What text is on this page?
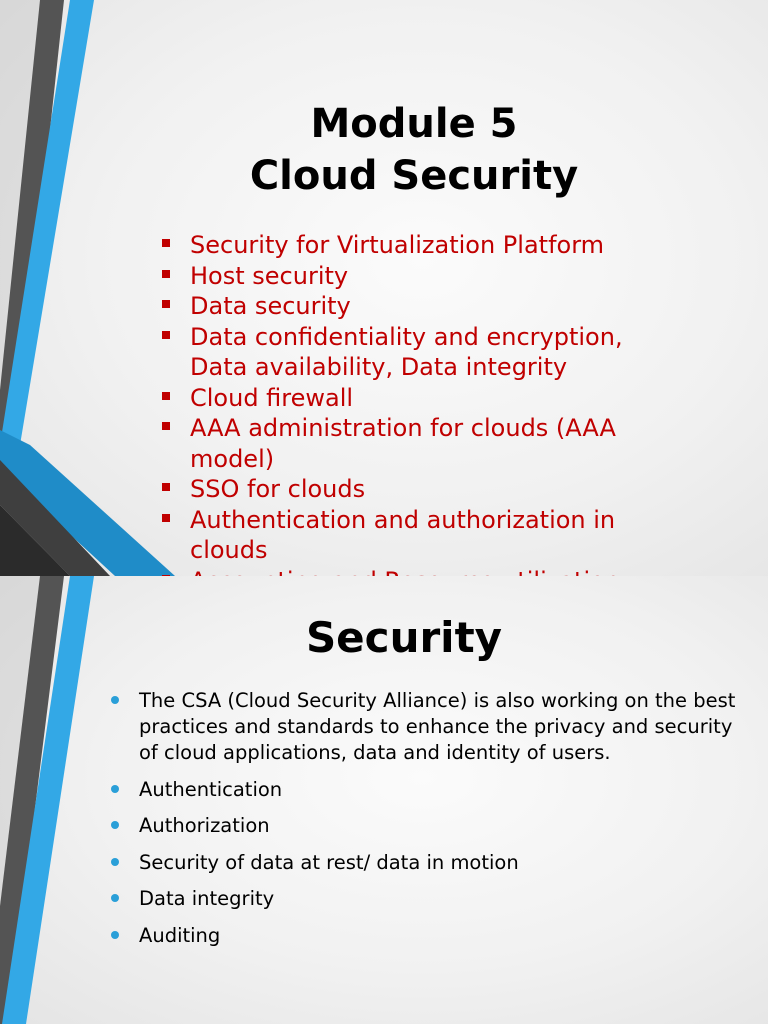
Module 5
Cloud Security
Security for Virtualization Platform
Host security
Data security
Data confidentiality and encryption, Data availability, Data integrity
Cloud firewall
AAA administration for clouds (AAA model)
SSO for clouds
Authentication and authorization in clouds
Security
The CSA (Cloud Security Alliance) is also working on the best practices and standards to enhance the privacy and security of cloud applications, data and identity of users.
Authentication
Authorization
Security of data at rest/ data in motion
Data integrity
Auditing
